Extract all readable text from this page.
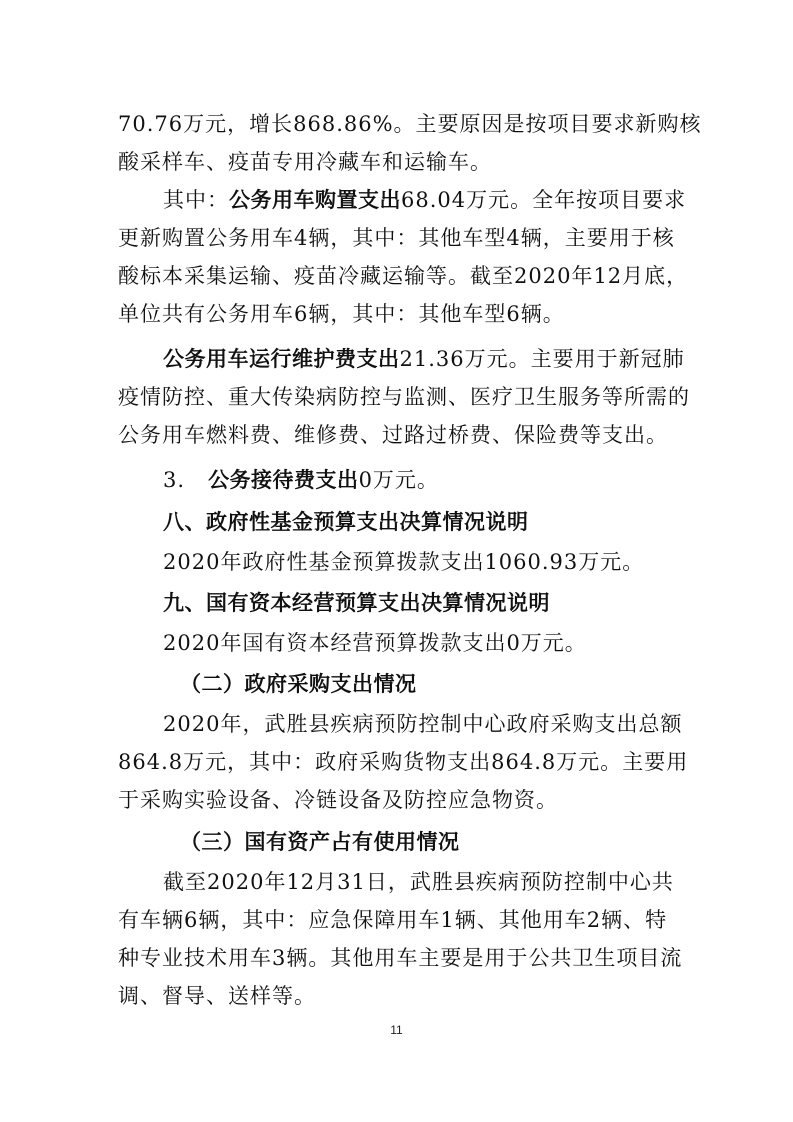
70.76万元，增长868.86%。主要原因是按项目要求新购核
酸采样车、疫苗专用冷藏车和运输车。
其中：公务用车购置支出68.04万元。全年按项目要求
更新购置公务用车4辆，其中：其他车型4辆，主要用于核
酸标本采集运输、疫苗冷藏运输等。截至2020年12月底，
单位共有公务用车6辆，其中：其他车型6辆。
公务用车运行维护费支出21.36万元。主要用于新冠肺
疫情防控、重大传染病防控与监测、医疗卫生服务等所需的
公务用车燃料费、维修费、过路过桥费、保险费等支出。
3.   公务接待费支出0万元。
八、政府性基金预算支出决算情况说明
2020年政府性基金预算拨款支出1060.93万元。
九、国有资本经营预算支出决算情况说明
2020年国有资本经营预算拨款支出0万元。
（二）政府采购支出情况
2020年，武胜县疾病预防控制中心政府采购支出总额
864.8万元，其中：政府采购货物支出864.8万元。主要用
于采购实验设备、冷链设备及防控应急物资。
（三）国有资产占有使用情况
截至2020年12月31日，武胜县疾病预防控制中心共
有车辆6辆，其中：应急保障用车1辆、其他用车2辆、特
种专业技术用车3辆。其他用车主要是用于公共卫生项目流
调、督导、送样等。
11
